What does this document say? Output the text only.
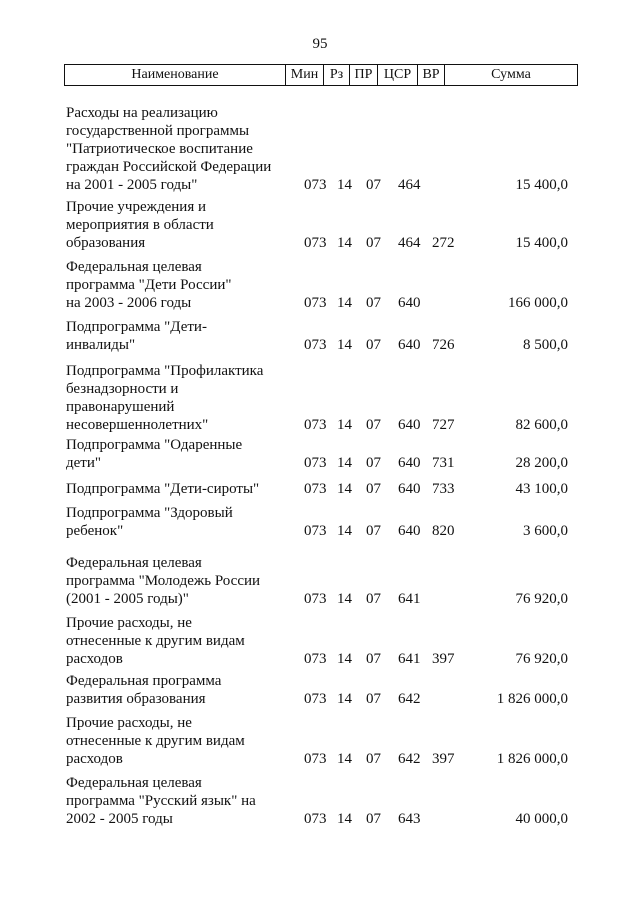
95
Наименование	Мин Рз ПР ЦСР ВР	Сумма
Расходы на реализацию
государственной программы
"Патриотическое воспитание
граждан Российской Федерации
на 2001 - 2005 годы"	073 14 07 464	15 400,0
Прочие учреждения и
мероприятия в области
образования	073 14 07 464 272	15 400,0
Федеральная целевая
программа "Дети России"
на 2003 - 2006 годы	073 14 07 640	166 000,0
Подпрограмма "Дети-
инвалиды"	073 14 07 640 726	8 500,0
Подпрограмма "Профилактика
безнадзорности и
правонарушений
несовершеннолетних"	073 14 07 640 727	82 600,0
Подпрограмма "Одаренные
дети"	073 14 07 640 731	28 200,0
Подпрограмма "Дети-сироты"	073 14 07 640 733	43 100,0
Подпрограмма "Здоровый
ребенок"	073 14 07 640 820	3 600,0
Федеральная целевая
программа "Молодежь России
(2001 - 2005 годы)"	073 14 07 641	76 920,0
Прочие расходы, не
отнесенные к другим видам
расходов	073 14 07 641 397	76 920,0
Федеральная программа
развития образования	073 14 07 642	1 826 000,0
Прочие расходы, не
отнесенные к другим видам
расходов	073 14 07 642 397	1 826 000,0
Федеральная целевая
программа "Русский язык" на
2002 - 2005 годы	073 14 07 643	40 000,0
